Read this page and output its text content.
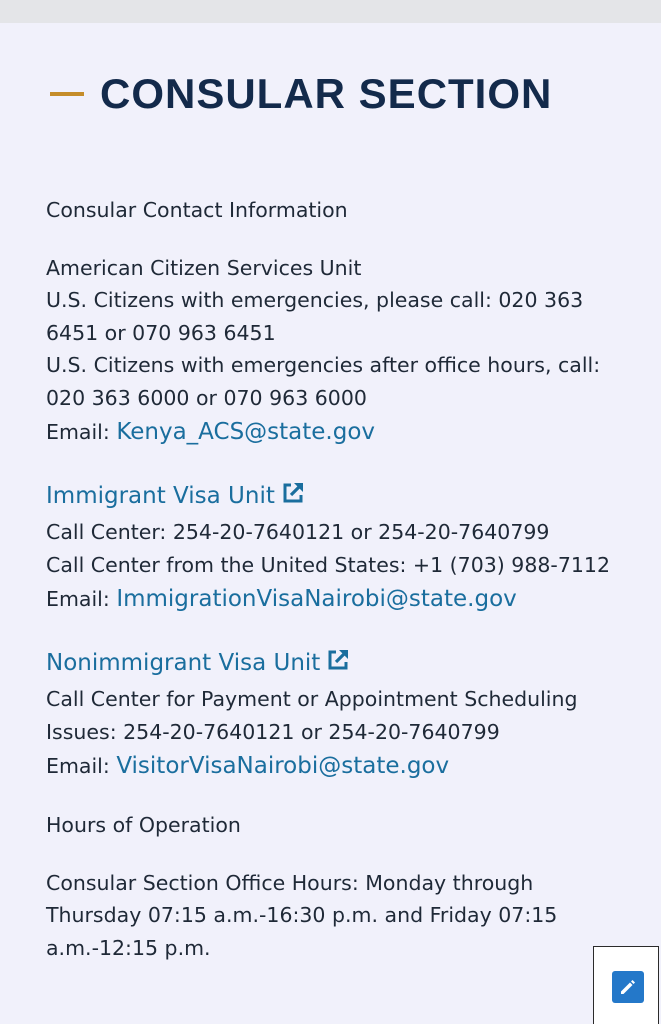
CONSULAR SECTION

Consular Contact Information

American Citizen Services Unit

U.S. Citizens with emergencies, please call: 020 363 6451 or 070 963 6451

U.S. Citizens with emergencies after office hours, call: 020 363 6000 or 070 963 6000

Email: Kenya_ACS@state.gov

Immigrant Visa Unit

Call Center: 254-20-7640121 or 254-20-7640799

Call Center from the United States: +1 (703) 988-7112

Email: ImmigrationVisaNairobi@state.gov

Nonimmigrant Visa Unit

Call Center for Payment or Appointment Scheduling Issues: 254-20-7640121 or 254-20-7640799

Email: VisitorVisaNairobi@state.gov

Hours of Operation

Consular Section Office Hours: Monday through Thursday 07:15 a.m.-16:30 p.m. and Friday 07:15 a.m.-12:15 p.m.
